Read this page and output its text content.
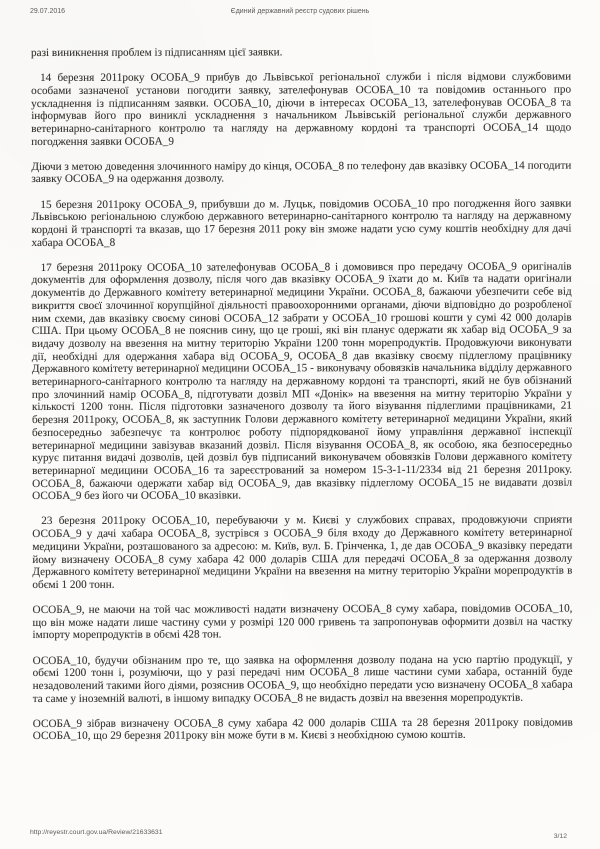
29.07.2016	Єдиний державний реєстр судових рішень

разі виникнення проблем із підписанням цієї заявки.

14 березня 2011року ОСОБА_9 прибув до Львівської регіональної служби і після відмови службовими особами зазначеної установи погодити заявку, зателефонував ОСОБА_10 та повідомив останнього про ускладнення із підписанням заявки. ОСОБА_10, діючи в інтересах ОСОБА_13, зателефонував ОСОБА_8 та інформував його про виниклі ускладнення з начальником Львівській регіональної служби державного ветеринарно-санітарного контролю та нагляду на державному кордоні та транспорті ОСОБА_14 щодо погодження заявки ОСОБА_9

Діючи з метою доведення злочинного наміру до кінця, ОСОБА_8 по телефону дав вказівку ОСОБА_14 погодити заявку ОСОБА_9 на одержання дозволу.

15 березня 2011року ОСОБА_9, прибувши до м. Луцьк, повідомив ОСОБА_10 про погодження його заявки Львівською регіональною службою державного ветеринарно-санітарного контролю та нагляду на державному кордоні й транспорті та вказав, що 17 березня 2011 року він зможе надати усю суму коштів необхідну для дачі хабара ОСОБА_8

17 березня 2011року ОСОБА_10 зателефонував ОСОБА_8 і домовився про передачу ОСОБА_9 оригіналів документів для оформлення дозволу, після чого дав вказівку ОСОБА_9 їхати до м. Київ та надати оригінали документів до Державного комітету ветеринарної медицини України. ОСОБА_8, бажаючи убезпечити себе від викриття своєї злочинної корупційної діяльності правоохоронними органами, діючи відповідно до розробленої ним схеми, дав вказівку своєму синові ОСОБА_12 забрати у ОСОБА_10 грошові кошти у сумі 42 000 доларів США. При цьому ОСОБА_8 не пояснив сину, що це гроші, які він планує одержати як хабар від ОСОБА_9 за видачу дозволу на ввезення на митну територію України 1200 тонн морепродуктів. Продовжуючи виконувати дії, необхідні для одержання хабара від ОСОБА_9, ОСОБА_8 дав вказівку своєму підлеглому працівнику Державного комітету ветеринарної медицини ОСОБА_15 - виконувачу обовязків начальника відділу державного ветеринарного-санітарного контролю та нагляду на державному кордоні та транспорті, який не був обізнаний про злочинний намір ОСОБА_8, підготувати дозвіл МП «Донік» на ввезення на митну територію України у кількості 1200 тонн. Після підготовки зазначеного дозволу та його візування підлеглими працівниками, 21 березня 2011року, ОСОБА_8, як заступник Голови державного комітету ветеринарної медицини України, який безпосередньо забезпечує та контролює роботу підпорядкованої йому управління державної інспекції ветеринарної медицини завізував вказаний дозвіл. Після візування ОСОБА_8, як особою, яка безпосередньо курує питання видачі дозволів, цей дозвіл був підписаний виконувачем обовязків Голови державного комітету ветеринарної медицини ОСОБА_16 та зареєстрований за номером 15-3-1-11/2334 від 21 березня 2011року. ОСОБА_8, бажаючи одержати хабар від ОСОБА_9, дав вказівку підлеглому ОСОБА_15 не видавати дозвіл ОСОБА_9 без його чи ОСОБА_10 вказівки.

23 березня 2011року ОСОБА_10, перебуваючи у м. Києві у службових справах, продовжуючи сприяти ОСОБА_9 у дачі хабара ОСОБА_8, зустрівся з ОСОБА_9 біля входу до Державного комітету ветеринарної медицини України, розташованого за адресою: м. Київ, вул. Б. Грінченка, 1, де дав ОСОБА_9 вказівку передати йому визначену ОСОБА_8 суму хабара 42 000 доларів США для передачі ОСОБА_8 за одержання дозволу Державного комітету ветеринарної медицини України на ввезення на митну територію України морепродуктів в обємі 1 200 тонн.

ОСОБА_9, не маючи на той час можливості надати визначену ОСОБА_8 суму хабара, повідомив ОСОБА_10, що він може надати лише частину суми у розмірі 120 000 гривень та запропонував оформити дозвіл на частку імпорту морепродуктів в обємі 428 тон.

ОСОБА_10, будучи обізнаним про те, що заявка на оформлення дозволу подана на усю партію продукції, у обємі 1200 тонн і, розуміючи, що у разі передачі ним ОСОБА_8 лише частини суми хабара, останній буде незадоволений такими його діями, розяснив ОСОБА_9, що необхідно передати усю визначену ОСОБА_8 хабара та саме у іноземній валюті, в іншому випадку ОСОБА_8 не видасть дозвіл на ввезення морепродуктів.

ОСОБА_9 зібрав визначену ОСОБА_8 суму хабара 42 000 доларів США та 28 березня 2011року повідомив ОСОБА_10, що 29 березня 2011року він може бути в м. Києві з необхідною сумою коштів.

http://reyestr.court.gov.ua/Review/21633631
3/12
